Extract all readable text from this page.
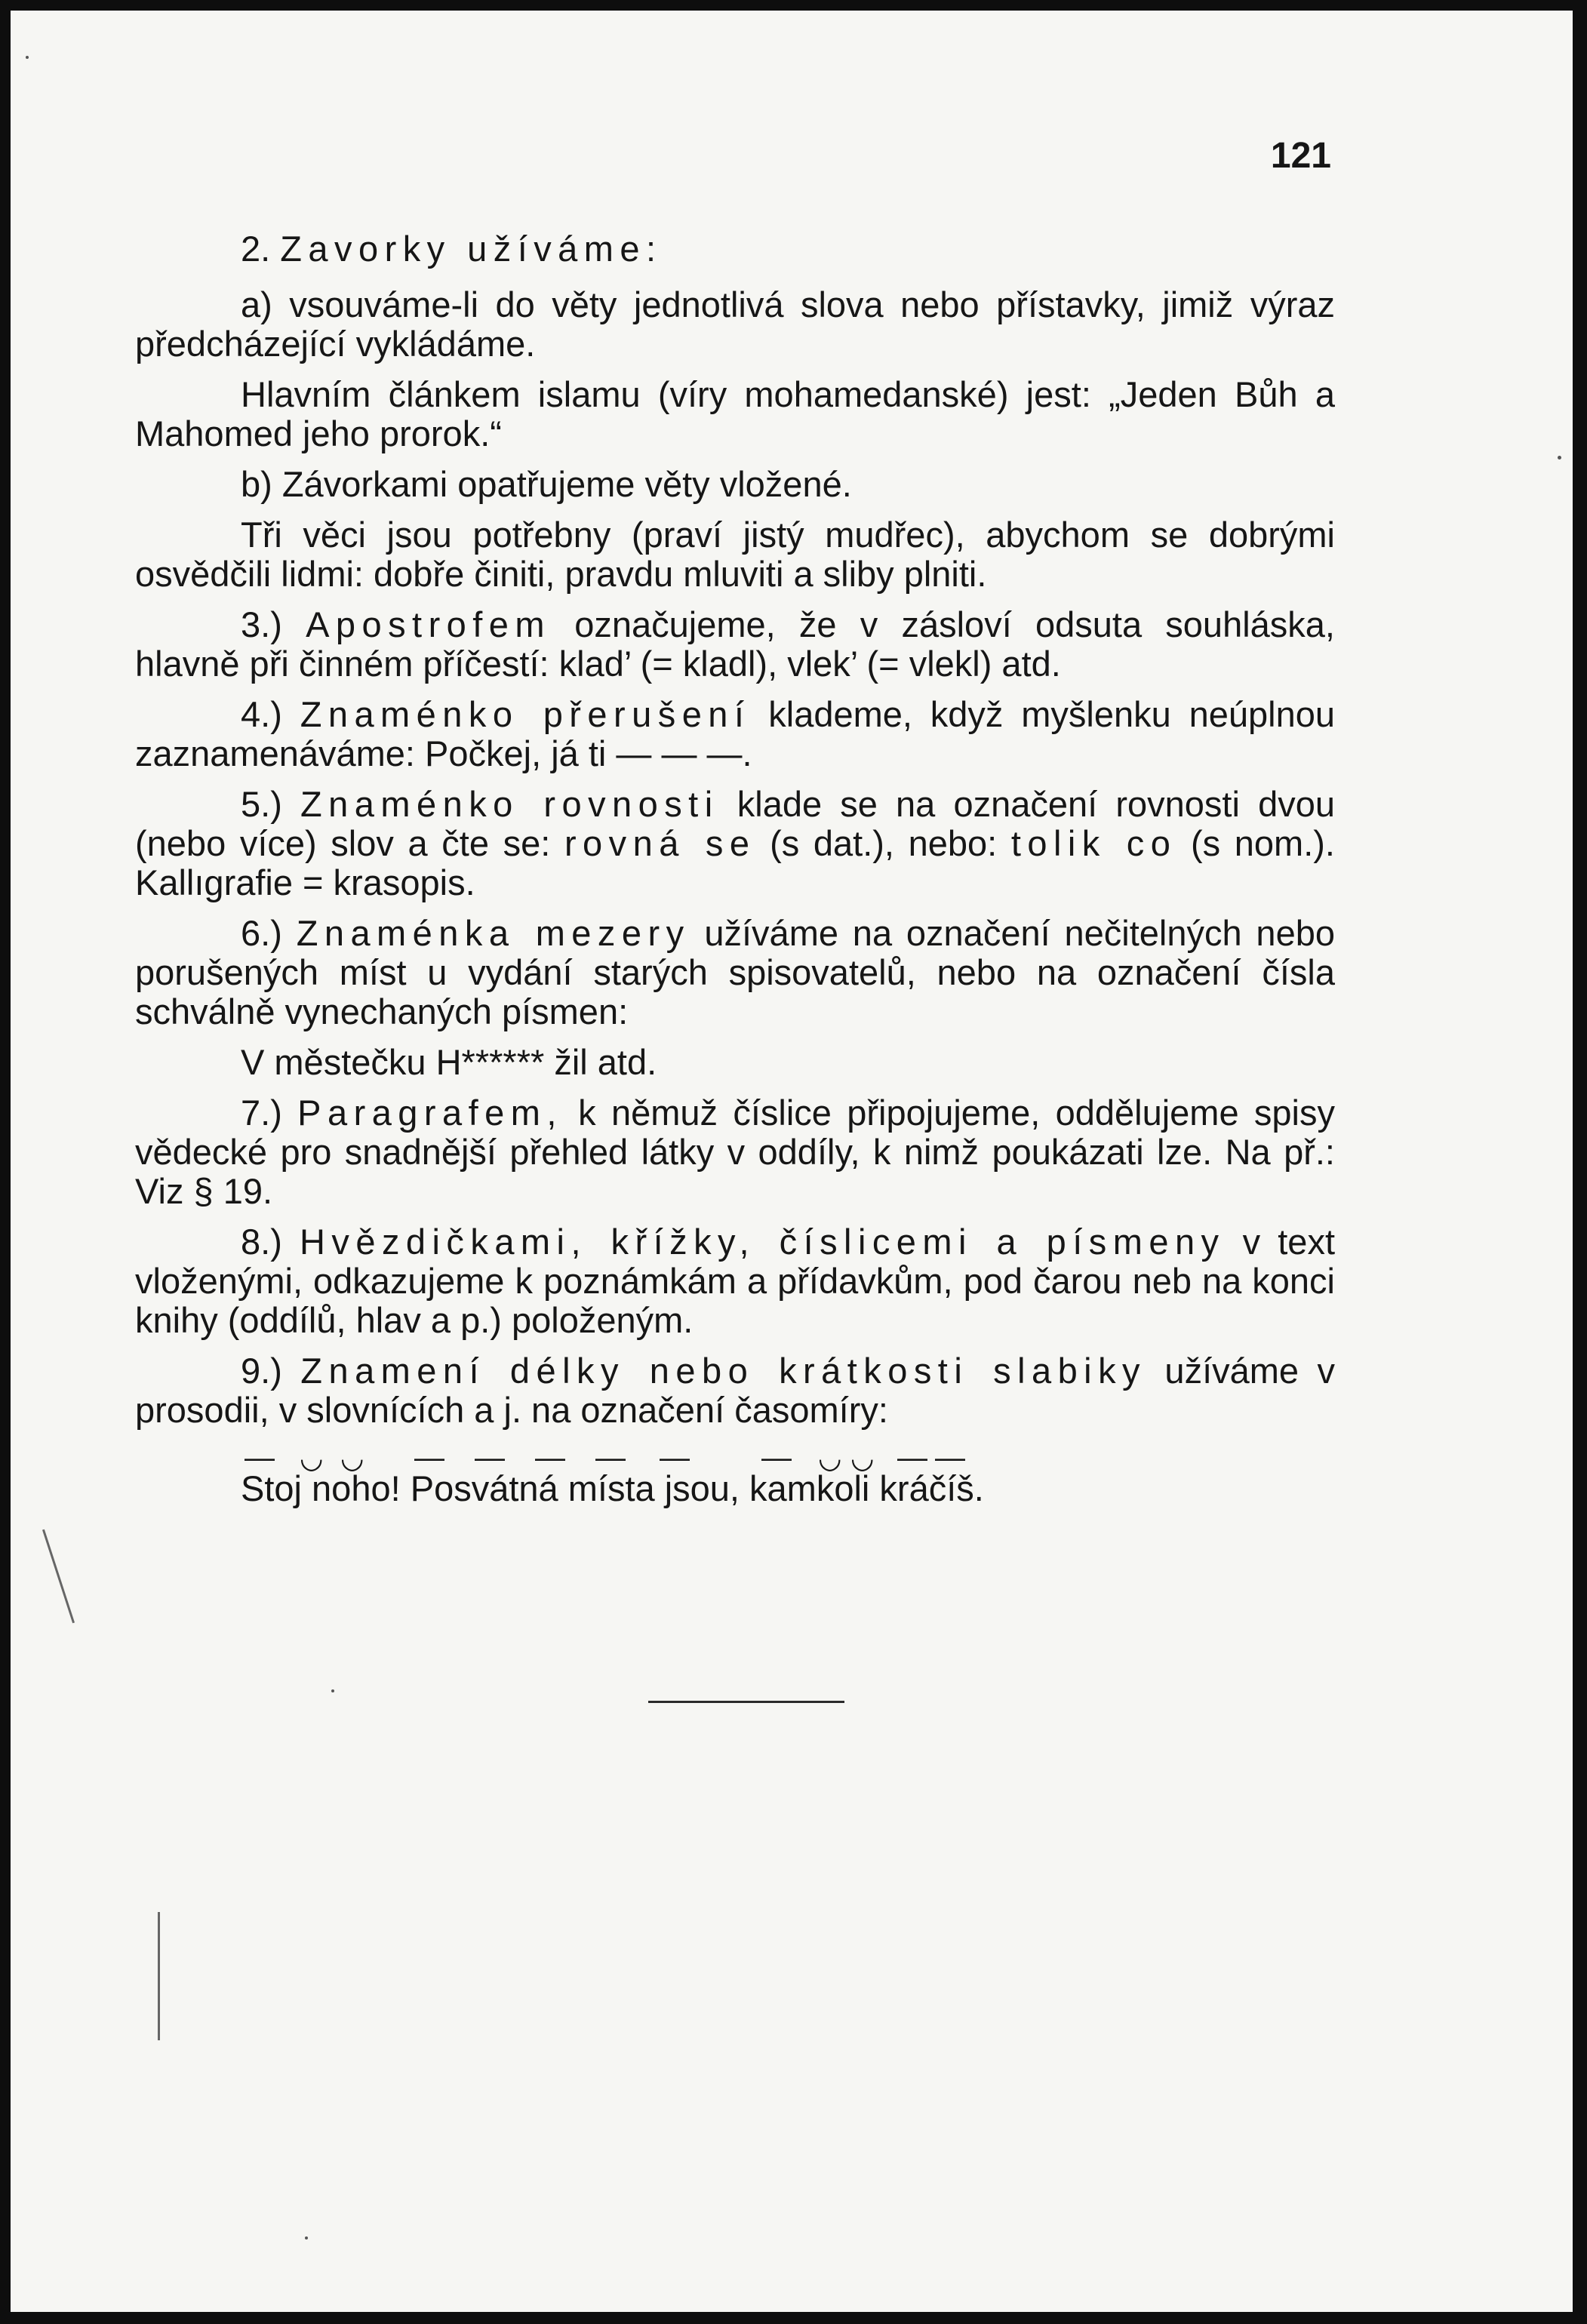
121
2. Zavorky užíváme:
a) vsouváme-li do věty jednotlivá slova nebo přístavky, jimiž výraz předcházející vykládáme.
Hlavním článkem islamu (víry mohamedanské) jest: „Jeden Bůh a Mahomed jeho prorok.“
b) Závorkami opatřujeme věty vložené.
Tři věci jsou potřebny (praví jistý mudřec), abychom se dobrými osvědčili lidmi: dobře činiti, pravdu mluviti a sliby plniti.
3.) Apostrofem označujeme, že v zásloví odsuta souhláska, hlavně při činném příčestí: klad’ (= kladl), vlek’ (= vlekl) atd.
4.) Znaménko přerušení klademe, když myšlenku neúplnou zaznamenáváme: Počkej, já ti — — —.
5.) Znaménko rovnosti klade se na označení rovnosti dvou (nebo více) slov a čte se: rovná se (s dat.), nebo: tolik co (s nom.). Kallıgrafie = krasopis.
6.) Znaménka mezery užíváme na označení nečitelných nebo porušených míst u vydání starých spisovatelů, nebo na označení čísla schválně vynechaných písmen:
V městečku H****** žil atd.
7.) Paragrafem, k němuž číslice připojujeme, oddělujeme spisy vědecké pro snadnější přehled látky v oddíly, k nimž poukázati lze. Na př.: Viz § 19.
8.) Hvězdičkami, křížky, číslicemi a písmeny v text vloženými, odkazujeme k poznámkám a přídavkům, pod čarou neb na konci knihy (oddílů, hlav a p.) položeným.
9.) Znamení délky nebo krátkosti slabiky užíváme v prosodii, v slovnících a j. na označení časomíry:
— ◡ ◡ — — — — — — ◡ ◡ — —
Stoj noho! Posvátná místa jsou, kamkoli kráčíš.
